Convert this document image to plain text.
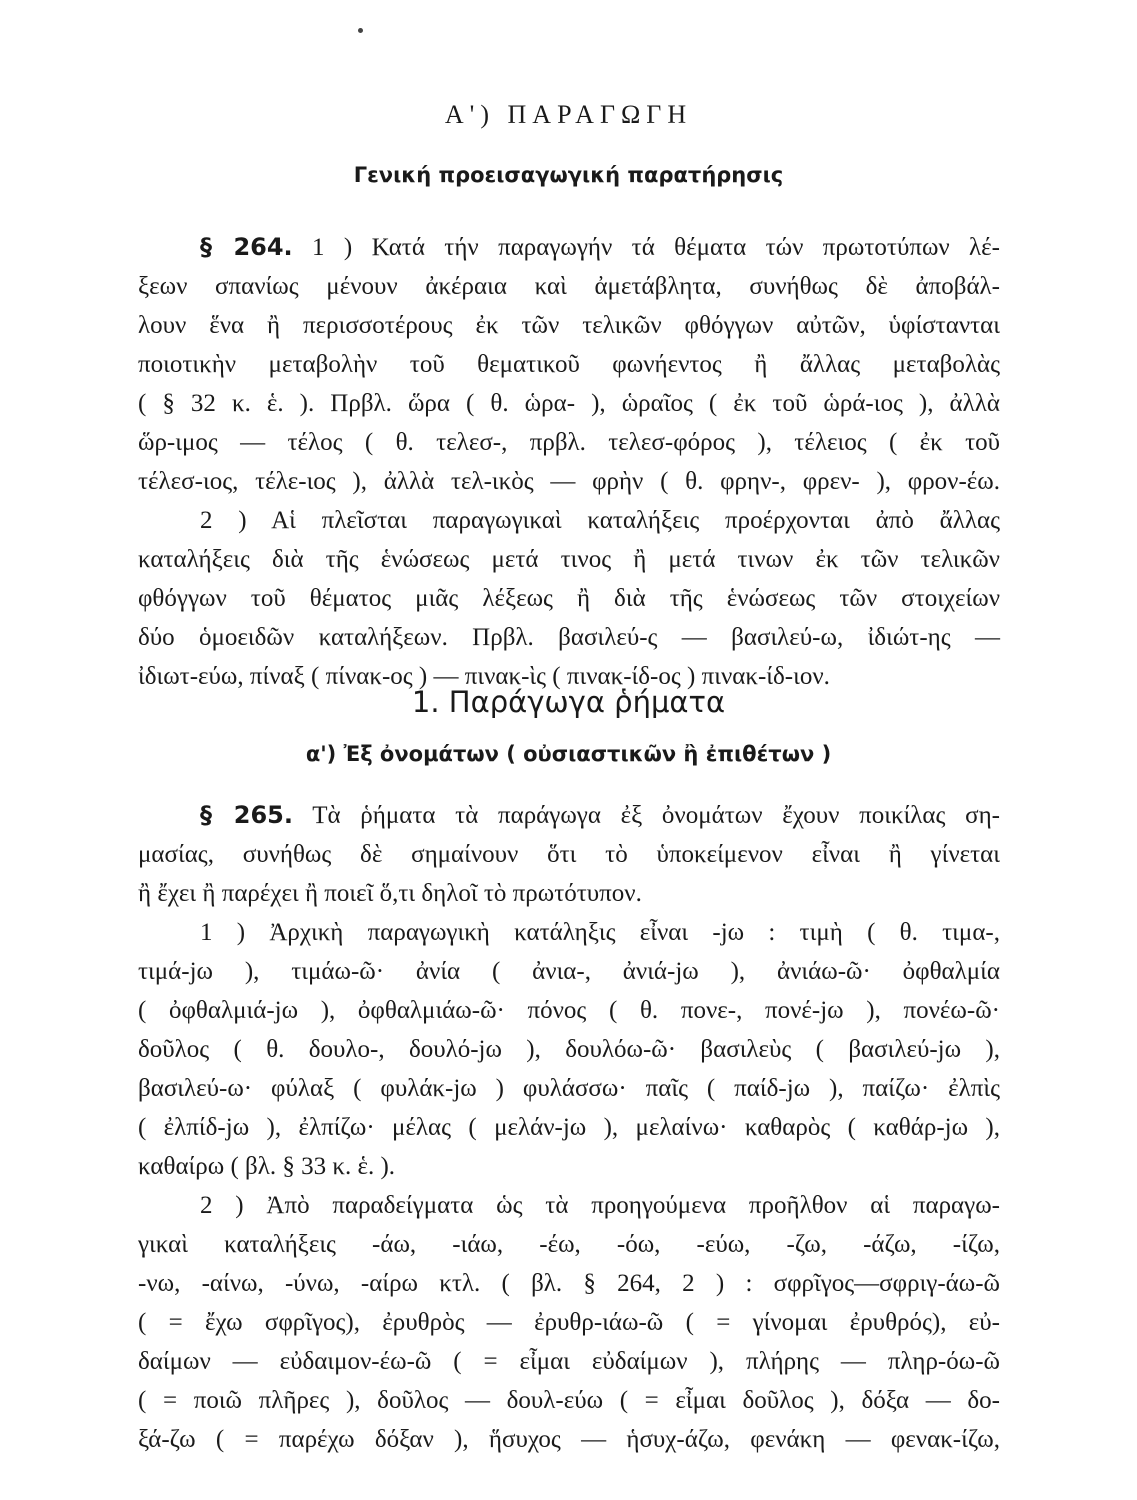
Α') ΠΑΡΑΓΩΓΗ
Γενική προεισαγωγική παρατήρησις
§ 264. 1 ) Κατά τήν παραγωγήν τά θέματα τών πρωτοτύπων λέ-
ξεων σπανίως μένουν ἀκέραια καὶ ἀμετάβλητα, συνήθως δὲ ἀποβάλ-
λουν ἕνα ἢ περισσοτέρους ἐκ τῶν τελικῶν φθόγγων αὐτῶν, ὑφίστανται
ποιοτικὴν μεταβολὴν τοῦ θεματικοῦ φωνήεντος ἢ ἄλλας μεταβολὰς
( § 32 κ. ἑ. ). Πρβλ. ὥρα ( θ. ὡρα- ), ὡραῖος ( ἐκ τοῦ ὡρά-ιος ), ἀλλὰ
ὥρ-ιμος — τέλος ( θ. τελεσ-, πρβλ. τελεσ-φόρος ), τέλειος ( ἐκ τοῦ
τέλεσ-ιος, τέλε-ιος ), ἀλλὰ τελ-ικὸς — φρὴν ( θ. φρην-, φρεν- ), φρον-έω.
2 ) Αἱ πλεῖσται παραγωγικαὶ καταλήξεις προέρχονται ἀπὸ ἄλλας
καταλήξεις διὰ τῆς ἑνώσεως μετά τινος ἢ μετά τινων ἐκ τῶν τελικῶν
φθόγγων τοῦ θέματος μιᾶς λέξεως ἢ διὰ τῆς ἑνώσεως τῶν στοιχείων
δύο ὁμοειδῶν καταλήξεων. Πρβλ. βασιλεύ-ς — βασιλεύ-ω, ἰδιώτ-ης —
ἰδιωτ-εύω, πίναξ ( πίνακ-ος ) — πινακ-ὶς ( πινακ-ίδ-ος ) πινακ-ίδ-ιον.
1. Παράγωγα ῥήματα
α') Ἐξ ὀνομάτων ( οὐσιαστικῶν ἢ ἐπιθέτων )
§ 265. Τὰ ῥήματα τὰ παράγωγα ἐξ ὀνομάτων ἔχουν ποικίλας ση-
μασίας, συνήθως δὲ σημαίνουν ὅτι τὸ ὑποκείμενον εἶναι ἢ γίνεται
ἢ ἔχει ἢ παρέχει ἢ ποιεῖ ὅ,τι δηλοῖ τὸ πρωτότυπον.
1 ) Ἀρχικὴ παραγωγικὴ κατάληξις εἶναι -jω : τιμὴ ( θ. τιμα-,
τιμά-jω ), τιμάω-ῶ· ἀνία ( ἀνια-, ἀνιά-jω ), ἀνιάω-ῶ· ὀφθαλμία
( ὀφθαλμιά-jω ), ὀφθαλμιάω-ῶ· πόνος ( θ. πονε-, πονέ-jω ), πονέω-ῶ·
δοῦλος ( θ. δουλο-, δουλό-jω ), δουλόω-ῶ· βασιλεὺς ( βασιλεύ-jω ),
βασιλεύ-ω· φύλαξ ( φυλάκ-jω ) φυλάσσω· παῖς ( παίδ-jω ), παίζω· ἐλπὶς
( ἐλπίδ-jω ), ἐλπίζω· μέλας ( μελάν-jω ), μελαίνω· καθαρὸς ( καθάρ-jω ),
καθαίρω ( βλ. § 33 κ. ἑ. ).
2 ) Ἀπὸ παραδείγματα ὡς τὰ προηγούμενα προῆλθον αἱ παραγω-
γικαὶ καταλήξεις -άω, -ιάω, -έω, -όω, -εύω, -ζω, -άζω, -ίζω,
-νω, -αίνω, -ύνω, -αίρω κτλ. ( βλ. § 264, 2 ) : σφρῖγος—σφριγ-άω-ῶ
( = ἔχω σφρῖγος), ἐρυθρὸς — ἐρυθρ-ιάω-ῶ ( = γίνομαι ἐρυθρός), εὐ-
δαίμων — εὐδαιμον-έω-ῶ ( = εἶμαι εὐδαίμων ), πλήρης — πληρ-όω-ῶ
( = ποιῶ πλῆρες ), δοῦλος — δουλ-εύω ( = εἶμαι δοῦλος ), δόξα — δο-
ξά-ζω ( = παρέχω δόξαν ), ἥσυχος — ἡσυχ-άζω, φενάκη — φενακ-ίζω,
